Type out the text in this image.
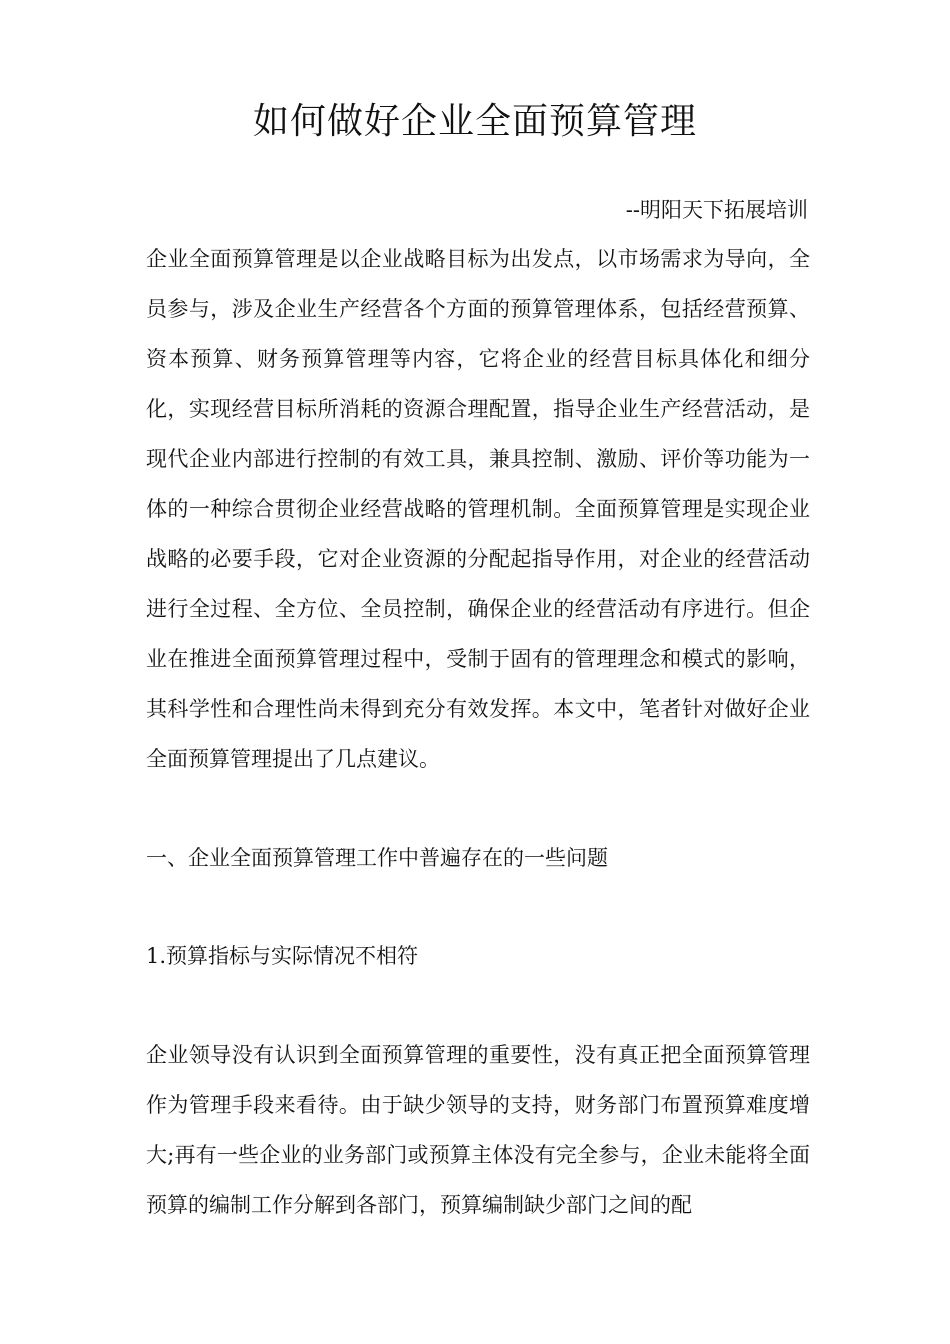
如何做好企业全面预算管理

--明阳天下拓展培训

企业全面预算管理是以企业战略目标为出发点，以市场需求为导向，全员参与，涉及企业生产经营各个方面的预算管理体系，包括经营预算、资本预算、财务预算管理等内容，它将企业的经营目标具体化和细分化，实现经营目标所消耗的资源合理配置，指导企业生产经营活动，是现代企业内部进行控制的有效工具，兼具控制、激励、评价等功能为一体的一种综合贯彻企业经营战略的管理机制。全面预算管理是实现企业战略的必要手段，它对企业资源的分配起指导作用，对企业的经营活动进行全过程、全方位、全员控制，确保企业的经营活动有序进行。但企业在推进全面预算管理过程中，受制于固有的管理理念和模式的影响，其科学性和合理性尚未得到充分有效发挥。本文中，笔者针对做好企业全面预算管理提出了几点建议。

一、企业全面预算管理工作中普遍存在的一些问题

1.预算指标与实际情况不相符

企业领导没有认识到全面预算管理的重要性，没有真正把全面预算管理作为管理手段来看待。由于缺少领导的支持，财务部门布置预算难度增大;再有一些企业的业务部门或预算主体没有完全参与，企业未能将全面预算的编制工作分解到各部门，预算编制缺少部门之间的配
